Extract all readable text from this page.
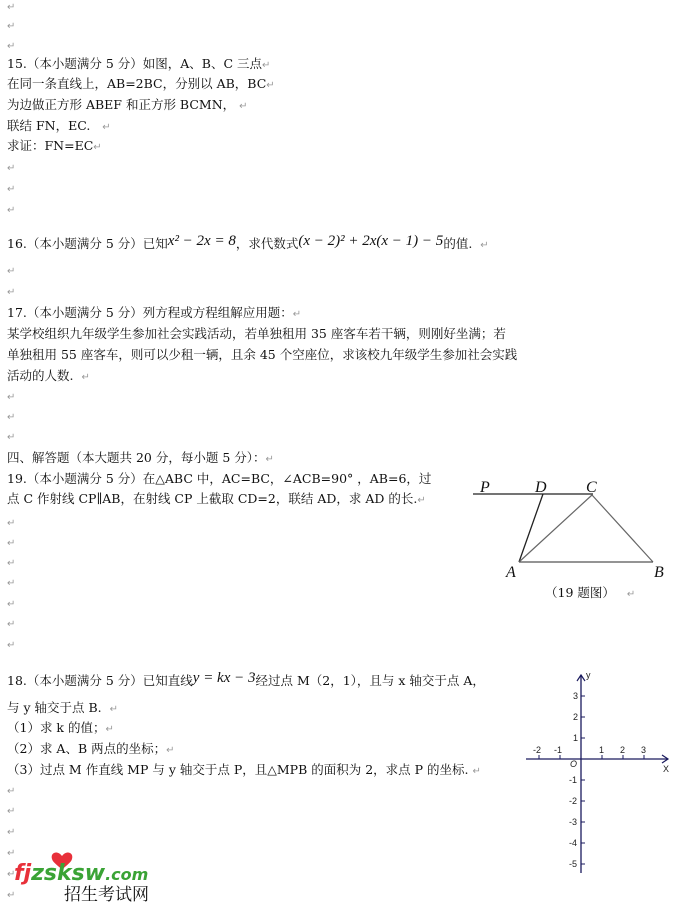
↵
↵
↵
15.（本小题满分 5 分）如图，A、B、C 三点↵
在同一条直线上，AB=2BC，分别以 AB，BC↵
为边做正方形 ABEF 和正方形 BCMN， ↵
联结 FN，EC. ↵
求证：FN=EC↵
↵
↵
↵
16.（本小题满分 5 分）已知x² − 2x = 8，求代数式(x − 2)² + 2x(x − 1) − 5的值. ↵
↵
↵
17.（本小题满分 5 分）列方程或方程组解应用题：↵
某学校组织九年级学生参加社会实践活动，若单独租用 35 座客车若干辆，则刚好坐满；若
单独租用 55 座客车，则可以少租一辆，且余 45 个空座位，求该校九年级学生参加社会实践
活动的人数. ↵
↵
↵
↵
四、解答题（本大题共 20 分，每小题 5 分）：↵
19.（本小题满分 5 分）在△ABC 中，AC=BC，∠ACB=90° ，AB=6，过
点 C 作射线 CP∥AB，在射线 CP 上截取 CD=2，联结 AD，求 AD 的长.↵
P	D C
A	B
（19 题图） ↵
↵
↵
↵
↵
↵
↵
↵
18.（本小题满分 5 分）已知直线y = kx − 3经过点 M（2，1），且与 x 轴交于点 A，
与 y 轴交于点 B. ↵
（1）求 k 的值；↵
（2）求 A、B 两点的坐标；↵
（3）过点 M 作直线 MP 与 y 轴交于点 P，且△MPB 的面积为 2，求点 P 的坐标. ↵
↵
↵
↵
↵
↵
↵
X
y
O
-2 -1	1 2 3
3
2
1
-1
-2
-3
-4
-5
fjzsksw.com
招生考试网
